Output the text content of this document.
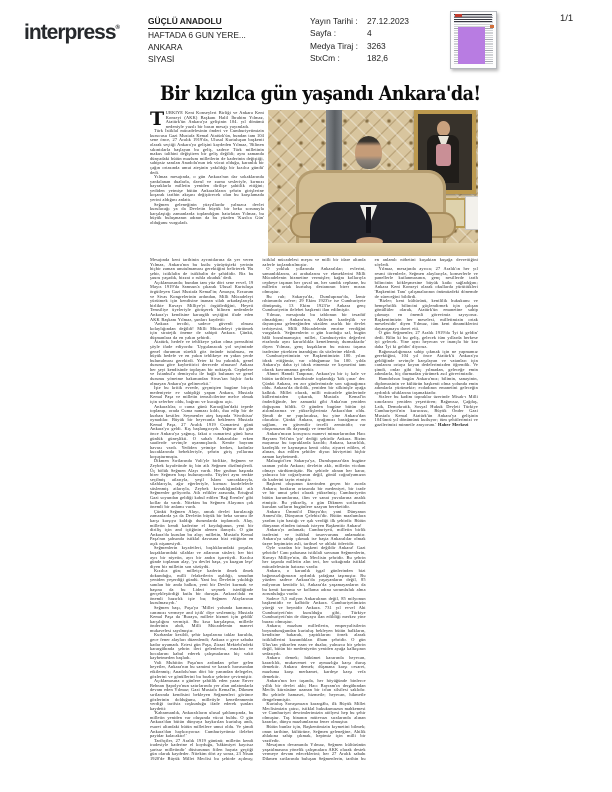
interpress®
GÜÇLÜ ANADOLU
HAFTADA 6 GUN YERE...
ANKARA
SİYASİ
Yayın Tarihi : 27.12.2023
Sayfa :	4
Medya Tiraj : 3263
StxCm :	182,6
1/1
Bir kızılca gün yaşandı Ankara'da!

TÜRKİYE Kent Konseyleri Birliği ve Ankara Kent Konseyi (AKK) Başkanı Halil İbrahim Yılmaz, Atatürk'ün Ankara'ya gelişinin 104. yıl dönümü nedeniyle yazılı bir basın mesajı yayımladı.

Türk İstiklal mücadelesinin önderi ve Cumhuriyetimizin kurucusu Gazi Mustafa Kemal Atatürk'ün, bundan tam 104 sene önce, 27 Aralık 1919'da, Ulusal Kurtuluşun başkenti olarak seçtiği Ankara'ya gelişini kaydeden Yılmaz, 'Bilinen sıkıntılarla başlayan bu geliş, sadece Türk milletinin makus talihini değiştiren bir geliş değildi; aynı zamanda dünyadaki bütün mazlum milletlerin de kaderinin değiştiği, sahipsiz sanılan Anadolu'nun tek vücut olduğu, karanlık bir çağın ortasında umut ateşinin yakıldığı bir kızılca gündü' dedi.

Yılmaz mesajında, o gün Ankara'nın dar sokaklarında yankılanan dualarla, davul ve zurna sesleriyle, kırmızı bayraklarla milletin yeniden dirilişe şahitlik ettiğini; yediden yetmişe bütün Ankaralıların şehrin girişlerine koşarak tarihin akışını değiştirecek olan bu karşılamada yerini aldığını anlattı.

Seğmen geleneğinin yüzyıllardır yalnızca devlet kurulacağı ya da Devletin büyük bir beka sorunuyla karşılaştığı zamanlarda toplandığını hatırlatan Yılmaz, bu büyük buluşmanın adının da bu yüzden 'Kızılca Gün' olduğunu vurguladı.

Mesajında kent tarihinin ayrıntılarına da yer veren Yılmaz, Ankara'nın bu kutlu yürüyüşteki yerinin hiçbir zaman unutulmaması gerektiğini belirterek 'Bu şehir, istiklalin de istikbalin de şahididir. Biz bu şuuru yaşadık, bizzat o ruhla okuduk' dedi.

Açıklamasında; bundan tam yüz dört sene evvel, 19 Mayıs 1919'da Samsun'a çıkarak Ulusal Kurtuluşu örgütleyen Gazi Mustafa Kemal'in; Amasya, Erzurum ve Sivas Kongrelerinin ardından, Milli Mücadeleyi yürütmek için kendisine inanan silah arkadaşlarıyla birlikte Kuvayı Milliye'yi örgütlediğini, Heyeti Temsiliye üyeleriyle görüşerek bilinen nedenlerle Ankara'yı kendisine karargâh seçtiğini ifade eden AKK Başkanı Yılmaz, şunları kaydetti:

'Ankara tercihi, sadece güvenli olması kolaylığından değildi! Milli Mücadeleyi yürütmek için stratejik öneme de sahipti Ankara. Çünkü, düşmanlara da en yakın şehirdi.

Atatürk, hedefe ve tehlikeye yakın olma prensibini şöyle ifade ediyordu: 'Uygulanacak yol seçiminde genel durumun sürekli göz önünde tutulması, en büyük hedefe ve en yakın tehlikeye en yakın yerde bulunulması gerekirdi. Yeter ki bu yakınlık, genel duruma göre kaybettirici derecede olmasın! Ankara her şeyi kendisinde toplayan bir noktaydı. Cephelere ve İstanbul'a demiryolu ile bağlı bulunan ve genel durumu yönetme bakımından Sivas'tan hiçbir farkı olmayan Ankara'ya gelinecekti.'

İşte bu kritik evrede, geçmişten bugüne birçok medeniyete ev sahipliği yapan Ankara, Mustafa Kemal Paşa ve milletin temsilcilerine melce olmak için seferber oldu, bağrını ve kucağını açtı.

Ankaralılar, o cuma günü Karaoğlan'daki tepede toplanıp, orada Cuma namazı kıldı, dua edip bir de kurban kestiler. Seymenler ateş başında 'Sivrihisar' oynadılar. Büyük bir heyecanla beklenen Mustafa Kemal Paşa, 27 Aralık 1919 Cumartesi günü Ankara'ya geldi. Kış başlangıcıydı. Yağmur iki gün önce Ankara'ya yağmış, fakat o cumartesi günü hava günlük güneşlikti. O sabah Ankaralılar erken saatlerde sevinçle uyanmışlardı. Kentte bayram havası vardı. Yediden yetmişe herkes, kadınlar kucaklarında bebekleriyle, şehrin giriş yollarına koşuşturmuştu.

Dikmen Sırtlarında Vali'yle birlikte, Seğmen ve Zeybek kıyafetinde üç bin atlı Seğmen dizilmişlerdi. Üç bölük Seğmen Alayı vardı. Her grubun başında birer Seğmen başı bulunuyordu. Tüyleri aynı renkte seçilmiş atlarıyla, yeşil İslam sancaklarıyla, silahlarıyla, ağır eğerleriyle, kırmızı kurdelelerle süslenmiş atlarıyla, Zeybek kıvraklığındaki atlı Seğmenler geliyordu. Atlı erlikler arasında, Ertuğrul Gazi soyundan geldiği kabul edilen 'Bağ Erenler' gibi kollar da vardı. Nitekim bu Seğmen Alayının çok önemli bir anlamı vardı.

Çünkü Seğmen Alayı, ancak devlet kurulacağı zamanlarda ya da Devletin büyük bir beka sorunu ile karşı karşıya kaldığı durumlarda toplanırdı. Alay, milletin kendi kaderine el koyduğunun, yeni bir diriliş için and içtiğinin alenen ilanıydı. O gün Ankara'da kurulan bu alay; milletin, Mustafa Kemal Paşa'nın şahsında istiklal davasına biat ettiğinin en açık nişanesiydi.

Seğmenlerin kıyafetleri, başlıklarındaki poşular, kuşaklarındaki silahlar ve atlarının süsleri; her biri ayrı bir niyetin, ayrı bir andın işaretiydi. Kızılca günde toplanan alay, 'ya devlet başa, ya kuzgun leşe' diyen bir milletin son sözüydü.

Kızılca gün; milletçe kaderin ilmek ilmek dokunduğu, milli felaketlerin aşıldığı, umudun yeniden yeşerdiği gündü. Yani bu; Devletin yıkıldığı sanılan bir anda halkın, yeni bir Devlet kurmak ve başına da bu Lideri seçmek istediğinde gerçekleştirdiği kutlu bir duruştu. Ankara'daki en önemli hazırlık işte bu; Seğmen Alaylarının kurulmasıydı.'

Seğmen başı, Paşa'ya 'Millet yolunda kanımızı, canımızı vermeye and içtik' diye seslenmiş; Mustafa Kemal Paşa da 'Buraya, millete hizmet için geldik' karşılığını vermişti. Bu kısa karşılaşma, milletle önderinin ahdi, Milli Mücadelenin manevi mukavelesi sayılmıştır.

Kurbanlar kesildi, şehir kapılarına taklar kuruldu, gece fener alayları düzenlendi; Ankara o gece sabaha kadar uyumadı. Ertesi gün Paşa, Ziraat Mektebi'ndeki karargâhında şehrin ileri gelenlerini, esnafını ve hocalarını kabul ederek çalışmalarına hiç vakit kaybetmeden başladı.

Vali Muhittin Paşa'nın ardından şehre gelen heyetler, Ankara'nın bu samimi ve kararlı havasından etkilenmiş; Anadolu'nun dört bir yanından delegeler, gözlerini ve gönüllerini bu bozkır şehrine çevirmiştir.

Açıklamasına o günlere şahitlik eden yazar Enver Behnan Şapolyo'nun satırlarında yer alan anlatımlarla devam eden Yılmaz; Gazi Mustafa Kemal'in, Dikmen sırtlarında kendisini bekleyen Seğmenleri görünce gözlerinin dolduğunu, milletiyle kenetlenmenin verdiği tarifsiz coşkunluğu ifade ederek şunları kaydetti:

'Kahramanlık, Ankaralıların ulusal şahlanışında, bu milletin yeniden var oluşunda vücut buldu. O gün Ankara'dan bütün dünyaya haykırılan kurtuluş andı, esaret altındaki bütün milletlere umut oldu. Ve şimdi Ankara'dan haykırıyoruz: Cumhuriyetimiz ilelebet payidar kalacaktır!'

Tarihçiler, 27 Aralık 1919 gününü; milletin kendi iradesiyle kaderine el koyduğu, 'hâkimiyet kayıtsız şartsız milletindir' düsturunun fiilen hayata geçtiği gün olarak kaydeder. Nitekim dört ay sonra, 23 Nisan 1920'de Büyük Millet Meclisi bu şehirde açılmış; istiklal mücadelesi meşru ve milli bir idare altında zaferle taçlandırılmıştır.

O yokluk yıllarında Ankaralılar; evlerini, samanlıklarını, at arabalarını ve ekmeklerini Milli Mücadelenin hizmetine vermişler; kağnı kollarıyla cepheye taşınan her çuval un, her sandık cephane, bu milletin ortak kurtuluş destanının birer mısraı olmuştur.

Bu ruh; Sakarya'da, Dumlupınar'da, İzmir rıhtımında zafere; 29 Ekim 1923'te ise Cumhuriyete dönüşmüş, 13 Ekim 1923'te Ankara genç Cumhuriyetin ilelebet başkenti ilan edilmiştir.

Yılmaz, mesajında bu tablonun bir tesadüf olmadığını; Ankara'nın, Ahilerin kardeşlik ve dayanışma geleneğinden süzülen asırlık bir devlet terbiyesini, Milli Mücadelenin emrine verdiğini vurguladı. 'Seğmenlerin o gün kurduğu saf, bugün hâlâ bozulmamıştır; millet, Cumhuriyetin değerleri etrafında aynı kararlılıkla kenetlenmiş durmaktadır' diyen Yılmaz, genç kuşakların bu mirası taşıma iradesine yürekten inandığını da sözlerine ekledi.

Cumhuriyetimizin ve Başkentimizin 100. yılını idrak ettiğimiz, var olduğumuz bu 100. yılda Ankara'yı daha iyi idrak etmemiz ve kıymetini tam olarak kavramamız gerekir.

Ahmet Hamdi Tanpınar, Ankara'ya bir iç kale ve bütün tarihlerin kendisinde toplandığı 'kök çınar' der. Çünkü Ankara, en zor günlerimizde son sığınağımız oldu. Ankara'da dirildik, yeniden bir silkinişle ayağa kalktık. Millet olarak, milli mücadele günlerinde küllerimizden çıkarak, Mustafa Kemal'in önderliğinde, her zamanki gibi Anka'nın yeniden doğuşunu bildik. O günden bugüne bütün iyi atılımlarımız ve yükselişlerimiz Ankara'dan oldu. Şimdi de ne yapılacaksa, bu yine Ankara'dan olacaktır. Çünkü Ankara, ayağımızı bastığımız en sağlam, en güvenilir tecelli zeminidir; var oluşumuzun ilk dayanağı ve temelidir.

Ankara'mızın koruyucu manevi mimarlarından Hacı Bayram Veli'nin 'pir' dediği şehirdir Ankara. Bizim mayamız bu topraklarda karıldı; Ankara, kararlılık, kardeşlik ve kaynaşma kenti oldu; ziyaret edilen, el alınan, dua edilen şehitler diyarı hüviyetini hiçbir zaman kaybetmedi.

Malazgirt'ten Sakarya'ya, Dumlupınar'dan bugüne uzanan yolda Ankara; devletin aklı, milletin vicdanı olmayı sürdürmüştür. Bu şehirde alınan her karar, yalnızca bir coğrafyanın değil, gönül coğrafyamızın da kaderini tayin etmiştir.

Başkent oluşunun üzerinden geçen bir asırda Ankara; bozkırın ortasında bir medeniyet, bir irade ve bir umut şehri olarak yükselmiş; Cumhuriyetin bütün kurumlarına, ilim ve sanat yuvalarına analık etmiştir. Bu yükseliş, o gün Dikmen sırtlarında kurulan safların bugünlere uzayan bereketidir.

Ankara Ümmü'd Dünya'dır; yani Dünyanın Annesi'dir, Dünyanın Çelebisi'dir. Bütün mazlumlara yardım için bastığı ve ışık verdiği ilk şehirdir. Bütün dünyanın elinden tutmak isteyen Başkenttir Ankara!

Ankara'yı anlamak; Cumhuriyeti, milletin birlik iradesini ve istikbal tasavvurunu anlamaktır. Ankara'ya sahip çıkmak ise başta Ankaralılar olmak üzere hepimizin asli, tarihsel ve ahlaki ödevidir.

Öyle sıradan bir başkent değildir Ankara! Gazi şehridir! Canı pahasına istiklali savunan Seğmenlerin, Kuvayı Milliye'nin, ilk Meclisin şehridir. Bu şehrin her taşında milletin alın teri, her sokağında istiklal mücadelesinin hatırası vardır.

Ankara, o karanlık işgal günlerinden bizi bağımsızlığımızın aydınlık şafağına taşımıştır. Bu yüzden sadece Ankara'da yaşayanların değil, 85 milyonun kentidir ki, Ankara'da yaşamayanların da bu kenti koruma ve kollama adına sorumluluk alma zorunluluğu vardır.

Sadece 5,5 milyon Ankaralının değil, 85 milyonun başkentidir ve kalbidir Ankara. Cumhuriyetimizin yüreği ve beynidir Ankara. 731 yıl evvel Ahi Cumhuriyeti'nin kurulduğu gibi, Türkiye Cumhuriyeti'nin de dünyaya ilan edildiği merkez yine burası olmuştur.

Ankara; mazlum milletlerin, emperyalistlerin boyunduruğundan kurtuluş bekleyen bütün halkların, kendisine bakarak, yaptıklarını örnek alarak istiklallerini kazandıkları ilham şehridir. O gün Ulus'tan yükselen ezan ve dualar, yalnızca bir şehrin değil, bütün bir medeniyetin yeniden ayağa kalkışının sedasıydı.

Ankara demek; hükümet kararında heyecan, kararlılık, mukavemet ve aymazlığa karşı duruş demektir. Ankara demek; düşmana karşı cesaret, mazluma karşı merhamet, kardeşe karşı vefa demektir.

Ankara'nın her taşında, her höyüğünde binlerce yıllık bir devlet aklı; Hacı Bayram'ın dergâhından Meclis kürsüsüne uzanan bir irfan silsilesi saklıdır. Bu şehirde hamaset, hizmetle; heyecan, hikmetle dengelenmiştir.

Kurtuluş Savaşımızın karargâhı, ilk Büyük Millet Meclisimizin çatısı, istiklal hukukumuzun mahkemesi ve Cumhuriyet devrimlerimizin atölyesi hep bu şehir olmuştur. Taş binanın mütevazı sıralarında alınan kararlar, dünya mazlumlarına fener olmuştur.

Bütün bunlar için, Başkentimizin kıymetini bilmek; onun tarihine, kültürüne, Seğmen geleneğine, Ahilik ahlakına sahip çıkmak, hepimiz için milli bir vazifedir.

Mesajının devamında Yılmaz, Seğmen kültürünün yaşatılmasına yönelik çalışmalara AKK olarak destek vermeye devam edeceklerini; her 27 Aralık sabahı Dikmen sırtlarında buluşan Seğmenlerin, tarihin bu en anlamlı nöbetini kuşaktan kuşağa devrettiğini söyledi.

Yılmaz, mesajında ayrıca; 27 Aralık'ın her yıl resmi törenlerle, Seğmen alaylarıyla, konserlerle ve panellerle kutlanmasının, genç nesillerde tarih bilincinin kökleşmesine büyük katkı sağladığını; Ankara Kent Konseyi olarak okullarda yürüttükleri 'Başkentini Tanı' çalışmalarının önümüzdeki dönemde de süreceğini bildirdi.

'Bizler; kent kültürünü, kentlilik hukukunu ve hemşehrilik bilincini güçlendirmek için çalışan gönüllüler olarak, Atatürk'ün emanetine sahip çıkmayı en önemli görevimiz sayıyoruz. Başkentimizin her meselesi, milletimizin ortak meselesidir' diyen Yılmaz, tüm kent dinamiklerini dayanışmaya davet etti.

O gün Seğmenler, 27 Aralık 1919'da 'İyi ki geldin' dedi. Bilin ki bu geliş, gelecek tüm yıllarda herkese iyi gelecek. Yine aynı heyecan ve inançla bir kez daha 'İyi ki geldin' diyoruz.

Bağımsızlığımıza sahip çıkmak için ne yapmamız gerektiğini, 104 yıl önce Atatürk'ü Ankara'ya geldiğinde sevinçle karşılayan ve vatanları için canlarını ortaya koyan dedelerimizden öğrendik. Ve şimdi, onlar gibi hiç yılmadan, geleceğe emin adımlarla, hiç durmadan yürümek asıl görevimizdir.

Hamdolsun bugün Ankara'mız; bilimin, sanayinin, diplomasinin ve kültürün başkenti olma yolunda emin adımlarla yürümekte; ecdadının emanetini geleceğin aydınlık ufuklarına taşımaktadır.

Sizlere bu kadim topraklar üzerinde Misak-ı Milli sınırlarını yeniden yeşerttiren; Bağımsız, Çağdaş, Laik, Demokratik, Sosyal Hukuk Devleti Türkiye Cumhuriyeti'nin kurucusu, Büyük Önder Gazi Mustafa Kemal Atatürk'ün Ankara'ya gelişinin 104'üncü yıl dönümünü kutluyor; tüm şehitlerimizi ve gazilerimizi minnetle anıyorum.' Haber Merkezi
